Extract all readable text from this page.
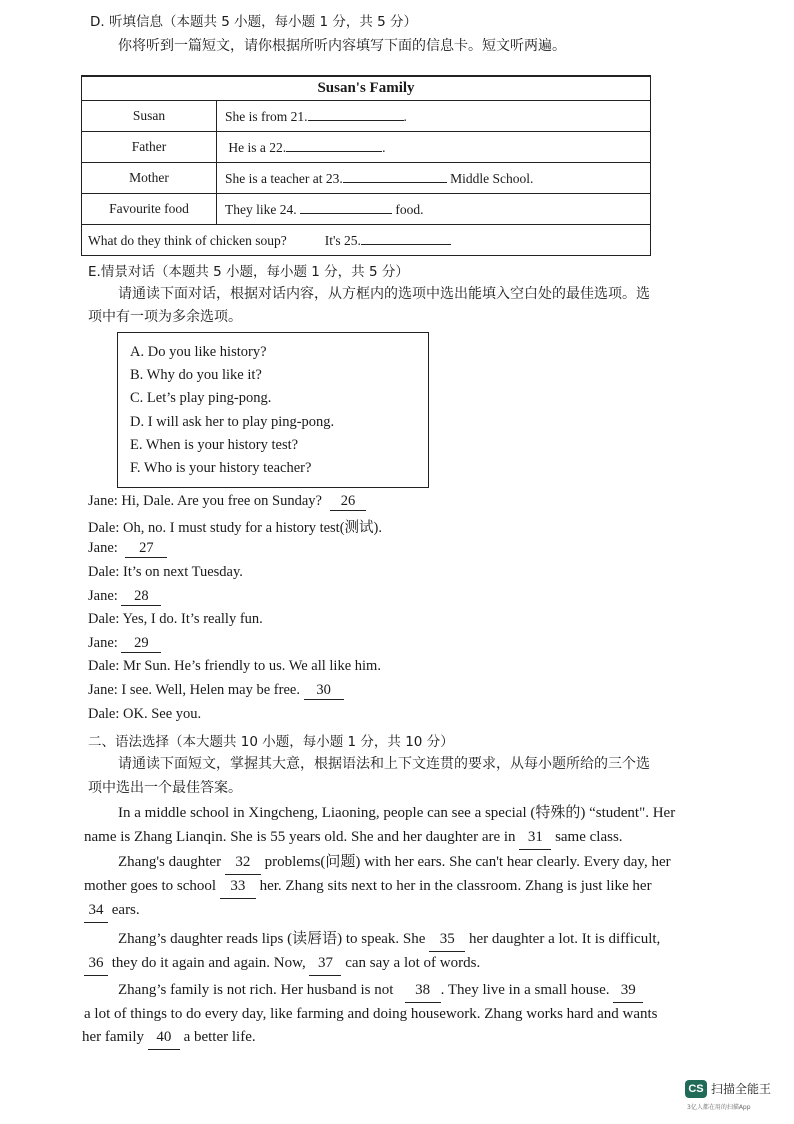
D. 听填信息（本题共 5 小题，每小题 1 分，共 5 分）
你将听到一篇短文，请你根据所听内容填写下面的信息卡。短文听两遍。
Susan's Family	
Susan	She is from 21. .
Father	He is a 22. .
Mother	She is a teacher at 23. Middle School.
Favourite food	They like 24. food.
What do they think of chicken soup? It's 25.	
E.情景对话（本题共 5 小题，每小题 1 分，共 5 分）
请通读下面对话，根据对话内容，从方框内的选项中选出能填入空白处的最佳选项。选
项中有一项为多余选项。
A. Do you like history?
B. Why do you like it?
C. Let’s play ping-pong.
D. I will ask her to play ping-pong.
E. When is your history test?
F. Who is your history teacher?
Jane: Hi, Dale. Are you free on Sunday? 26
Dale: Oh, no. I must study for a history test(测试).
Jane: 27
Dale: It’s on next Tuesday.
Jane: 28
Dale: Yes, I do. It’s really fun.
Jane: 29
Dale: Mr Sun. He’s friendly to us. We all like him.
Jane: I see. Well, Helen may be free. 30
Dale: OK. See you.
二、语法选择（本大题共 10 小题，每小题 1 分，共 10 分）
请通读下面短文，掌握其大意，根据语法和上下文连贯的要求，从每小题所给的三个选
项中选出一个最佳答案。
In a middle school in Xingcheng, Liaoning, people can see a special (特殊的) “student". Her
name is Zhang Lianqin. She is 55 years old. She and her daughter are in 31 same class.
Zhang's daughter 32 problems(问题) with her ears. She can't hear clearly. Every day, her
mother goes to school 33 her. Zhang sits next to her in the classroom. Zhang is just like her
34 ears.
Zhang’s daughter reads lips (读唇语) to speak. She 35 her daughter a lot. It is difficult,
36 they do it again and again. Now, 37 can say a lot of words.
Zhang’s family is not rich. Her husband is not   38 . They live in a small house. 39
a lot of things to do every day, like farming and doing housework. Zhang works hard and wants
her family 40 a better life.
CS 扫描全能王
3亿人都在用的扫描App
